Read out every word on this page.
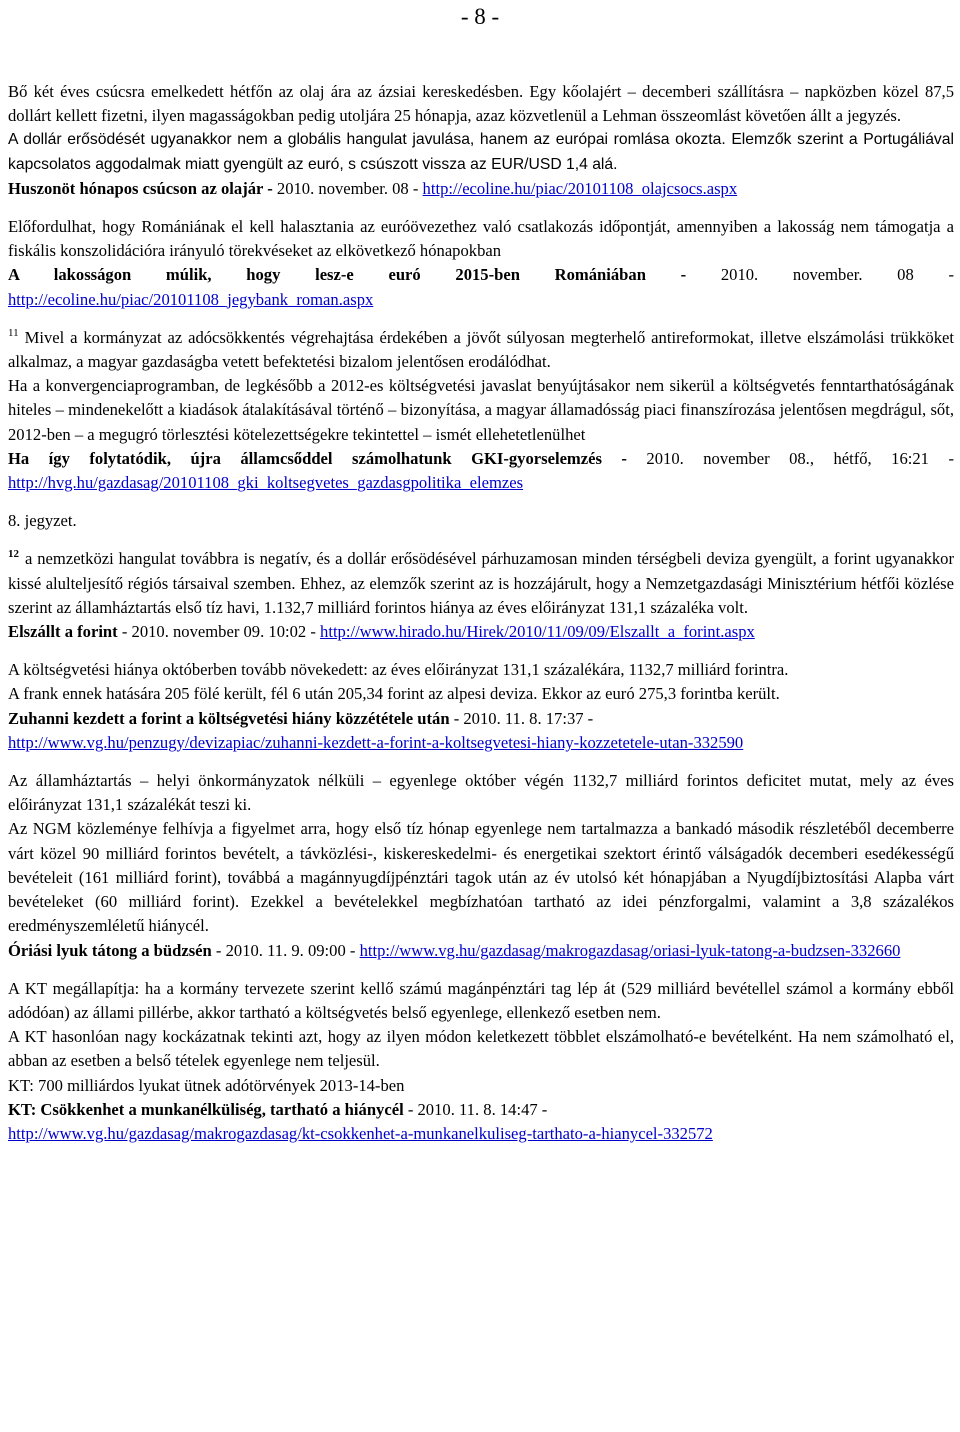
- 8 -

Bő két éves csúcsra emelkedett hétfőn az olaj ára az ázsiai kereskedésben. Egy kőolajért – decemberi szállításra – napközben közel 87,5 dollárt kellett fizetni, ilyen magasságokban pedig utoljára 25 hónapja, azaz közvetlenül a Lehman összeomlást követően állt a jegyzés.

A dollár erősödését ugyanakkor nem a globális hangulat javulása, hanem az európai romlása okozta. Elemzők szerint a Portugáliával kapcsolatos aggodalmak miatt gyengült az euró, s csúszott vissza az EUR/USD 1,4 alá.

Huszonöt hónapos csúcson az olajár - 2010. november. 08 - http://ecoline.hu/piac/20101108_olajcsocs.aspx

Előfordulhat, hogy Romániának el kell halasztania az euróövezethez való csatlakozás időpontját, amennyiben a lakosság nem támogatja a fiskális konszolidációra irányuló törekvéseket az elkövetkező hónapokban

A lakosságon múlik, hogy lesz-e euró 2015-ben Romániában - 2010. november. 08 - http://ecoline.hu/piac/20101108_jegybank_roman.aspx

$^{11}$ Mivel a kormányzat az adócsökkentés végrehajtása érdekében a jövőt súlyosan megterhelő antireformokat, illetve elszámolási trükköket alkalmaz, a magyar gazdaságba vetett befektetési bizalom jelentősen erodálódhat.

Ha a konvergenciaprogramban, de legkésőbb a 2012-es költségvetési javaslat benyújtásakor nem sikerül a költségvetés fenntarthatóságának hiteles – mindenekelőtt a kiadások átalakításával történő – bizonyítása, a magyar államadósság piaci finanszírozása jelentősen megdrágul, sőt, 2012-ben – a megugró törlesztési kötelezettségekre tekintettel – ismét ellehetetlenülhet

Ha így folytatódik, újra államcsőddel számolhatunk GKI-gyorselemzés - 2010. november 08., hétfő, 16:21 - http://hvg.hu/gazdasag/20101108_gki_koltsegvetes_gazdasgpolitika_elemzes

8. jegyzet.

$^{12}$ a nemzetközi hangulat továbbra is negatív, és a dollár erősödésével párhuzamosan minden térségbeli deviza gyengült, a forint ugyanakkor kissé alulteljesítő régiós társaival szemben. Ehhez, az elemzők szerint az is hozzájárult, hogy a Nemzetgazdasági Minisztérium hétfői közlése szerint az államháztartás első tíz havi, 1.132,7 milliárd forintos hiánya az éves előirányzat 131,1 százaléka volt.

Elszállt a forint - 2010. november 09. 10:02 - http://www.hirado.hu/Hirek/2010/11/09/09/Elszallt_a_forint.aspx

A költségvetési hiánya októberben tovább növekedett: az éves előirányzat 131,1 százalékára, 1132,7 milliárd forintra.

A frank ennek hatására 205 fölé került, fél 6 után 205,34 forint az alpesi deviza. Ekkor az euró 275,3 forintba került.

Zuhanni kezdett a forint a költségvetési hiány közzététele után - 2010. 11. 8. 17:37 -

http://www.vg.hu/penzugy/devizapiac/zuhanni-kezdett-a-forint-a-koltsegvetesi-hiany-kozzetetele-utan-332590

Az államháztartás – helyi önkormányzatok nélküli – egyenlege október végén 1132,7 milliárd forintos deficitet mutat, mely az éves előirányzat 131,1 százalékát teszi ki.

Az NGM közleménye felhívja a figyelmet arra, hogy első tíz hónap egyenlege nem tartalmazza a bankadó második részletéből decemberre várt közel 90 milliárd forintos bevételt, a távközlési-, kiskereskedelmi- és energetikai szektort érintő válságadók decemberi esedékességű bevételeit (161 milliárd forint), továbbá a magánnyugdíjpénztári tagok után az év utolsó két hónapjában a Nyugdíjbiztosítási Alapba várt bevételeket (60 milliárd forint). Ezekkel a bevételekkel megbízhatóan tartható az idei pénzforgalmi, valamint a 3,8 százalékos eredményszemléletű hiánycél.

Óriási lyuk tátong a büdzsén - 2010. 11. 9. 09:00 - http://www.vg.hu/gazdasag/makrogazdasag/oriasi-lyuk-tatong-a-budzsen-332660

A KT megállapítja: ha a kormány tervezete szerint kellő számú magánpénztári tag lép át (529 milliárd bevétellel számol a kormány ebből adódóan) az állami pillérbe, akkor tartható a költségvetés belső egyenlege, ellenkező esetben nem.

A KT hasonlóan nagy kockázatnak tekinti azt, hogy az ilyen módon keletkezett többlet elszámolható-e bevételként. Ha nem számolható el, abban az esetben a belső tételek egyenlege nem teljesül.

KT: 700 milliárdos lyukat ütnek adótörvények 2013-14-ben

KT: Csökkenhet a munkanélküliség, tartható a hiánycél - 2010. 11. 8. 14:47 -

http://www.vg.hu/gazdasag/makrogazdasag/kt-csokkenhet-a-munkanelkuliseg-tarthato-a-hianycel-332572
